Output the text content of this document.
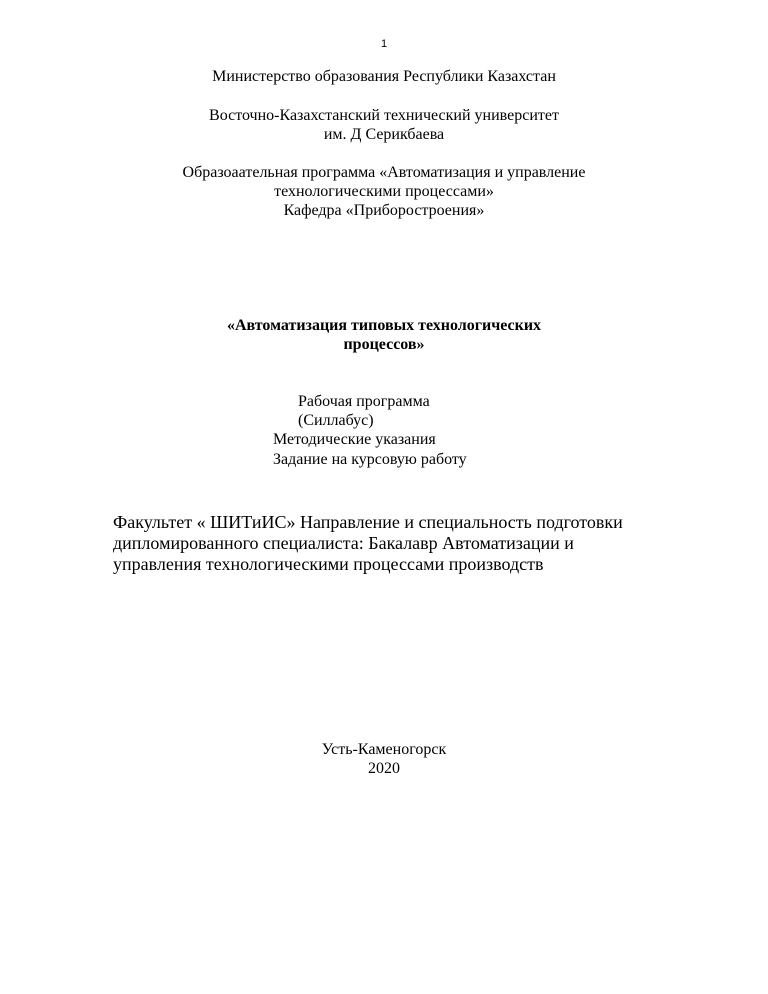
1
Министерство образования Республики Казахстан
Восточно-Казахстанский технический университет
им. Д Серикбаева
Образоаательная программа «Автоматизация и управление
технологическими процессами»
Кафедра «Приборостроения»
«Автоматизация типовых технологических
процессов»
Рабочая программа
(Силлабус)
Методические указания
Задание на курсовую работу
Факультет « ШИТиИС» Направление и специальность подготовки
дипломированного специалиста: Бакалавр Автоматизации и
управления технологическими процессами производств
Усть-Каменогорск
2020
